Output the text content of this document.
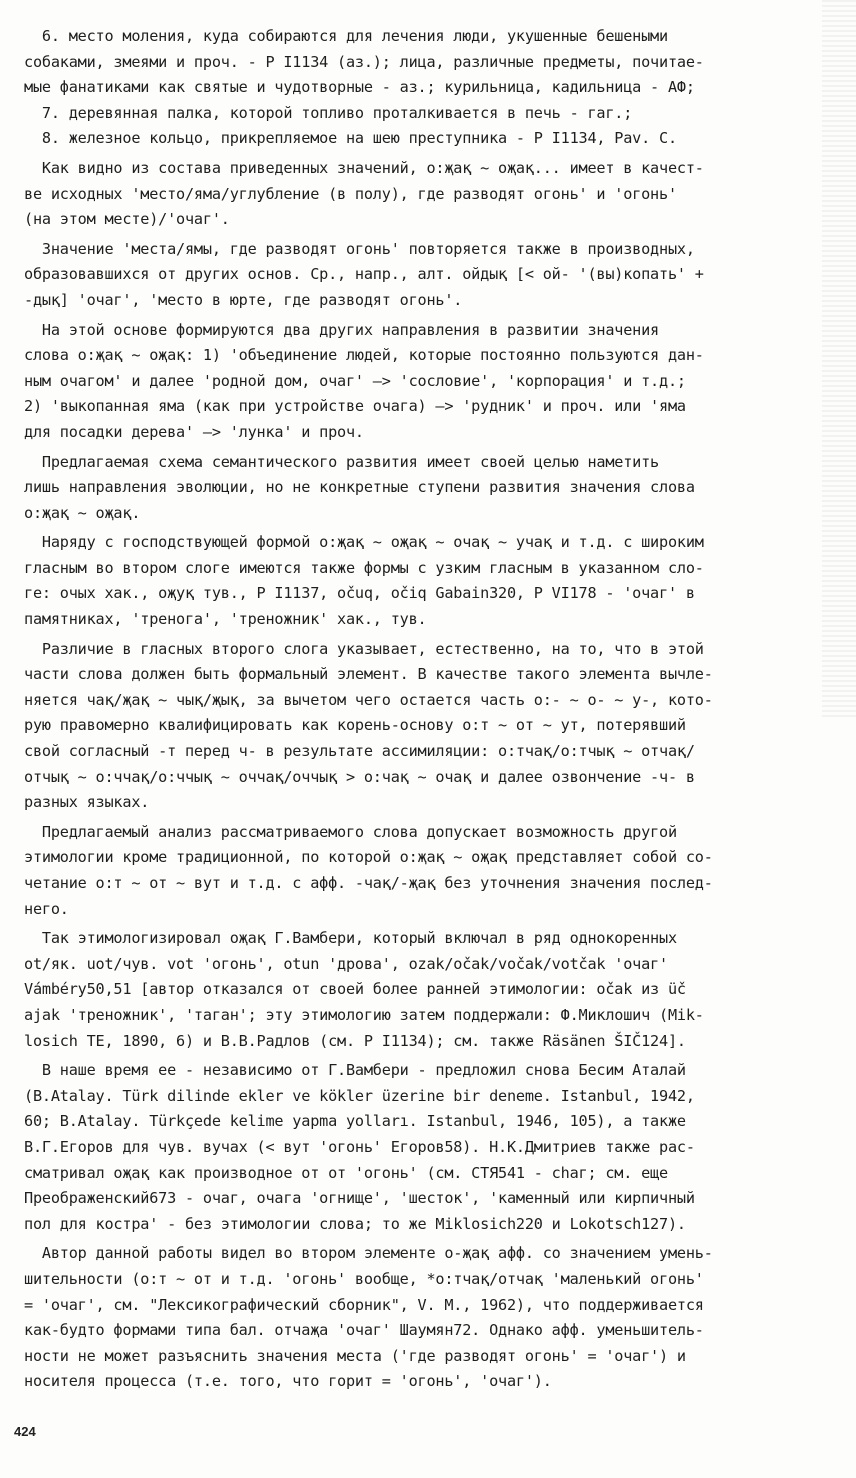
6. место моления, куда собираются для лечения люди, укушенные бешеными
собаками, змеями и проч. - Р I1134 (аз.); лица, различные предметы, почитае-
мые фанатиками как святые и чудотворные - аз.; курильница, кадильница - АФ;
7. деревянная палка, которой топливо проталкивается в печь - гаг.;
8. железное кольцо, прикрепляемое на шею преступника - Р I1134, Pav. C.
Как видно из состава приведенных значений, о:җақ ~ оҗақ... имеет в качест-
ве исходных 'место/яма/углубление (в полу), где разводят огонь' и 'огонь'
(на этом месте)/'очаг'.
Значение 'места/ямы, где разводят огонь' повторяется также в производных,
образовавшихся от других основ. Ср., напр., алт. ойдық [< ой- '(вы)копать' +
-дық] 'очаг', 'место в юрте, где разводят огонь'.
На этой основе формируются два других направления в развитии значения
слова о:җақ ~ оҗақ: 1) 'объединение людей, которые постоянно пользуются дан-
ным очагом' и далее 'родной дом, очаг' —> 'сословие', 'корпорация' и т.д.;
2) 'выкопанная яма (как при устройстве очага) —> 'рудник' и проч. или 'яма
для посадки дерева' —> 'лунка' и проч.
Предлагаемая схема семантического развития имеет своей целью наметить
лишь направления эволюции, но не конкретные ступени развития значения слова
о:җақ ~ оҗақ.
Наряду с господствующей формой о:җақ ~ оҗақ ~ очақ ~ учақ и т.д. с широким
гласным во втором слоге имеются также формы с узким гласным в указанном сло-
ге: очых хак., оҗуқ тув., Р I1137, očuq, očiq Gabain320, Р VI178 - 'очаг' в
памятниках, 'тренога', 'треножник' хак., тув.
Различие в гласных второго слога указывает, естественно, на то, что в этой
части слова должен быть формальный элемент. В качестве такого элемента вычле-
няется чақ/җақ ~ чық/җық, за вычетом чего остается часть о:- ~ о- ~ у-, кото-
рую правомерно квалифицировать как корень-основу о:т ~ от ~ ут, потерявший
свой согласный -т перед ч- в результате ассимиляции: о:тчақ/о:тчық ~ отчақ/
отчық ~ о:ччақ/о:ччық ~ оччақ/оччық > о:чақ ~ очақ и далее озвончение -ч- в
разных языках.
Предлагаемый анализ рассматриваемого слова допускает возможность другой
этимологии кроме традиционной, по которой о:җақ ~ оҗақ представляет собой со-
четание о:т ~ от ~ вут и т.д. с афф. -чақ/-җақ без уточнения значения послед-
него.
Так этимологизировал оҗақ Г.Вамбери, который включал в ряд однокоренных
ot/як. uot/чув. vot 'огонь', otun 'дрова', ozak/očak/vočak/votčak 'очаг'
Vámbéry50,51 [автор отказался от своей более ранней этимологии: očak из üč
ajak 'треножник', 'таган'; эту этимологию затем поддержали: Ф.Миклошич (Mik-
losich TE, 1890, 6) и В.В.Радлов (см. Р I1134); см. также Räsänen ŠIČ124].
В наше время ее - независимо от Г.Вамбери - предложил снова Бесим Аталай
(B.Atalay. Türk dilinde ekler ve kökler üzerine bir deneme. Istanbul, 1942,
60; B.Atalay. Türkçede kelime yapma yolları. Istanbul, 1946, 105), а также
В.Г.Егоров для чув. вучах (< вут 'огонь' Егоров58). Н.К.Дмитриев также рас-
сматривал оҗақ как производное от от 'огонь' (см. СТЯ541 - сһаг; см. еще
Преображенский673 - очаг, очага 'огнище', 'шесток', 'каменный или кирпичный
пол для костра' - без этимологии слова; то же Miklosich220 и Lokotsch127).
Автор данной работы видел во втором элементе о-җақ афф. со значением умень-
шительности (о:т ~ от и т.д. 'огонь' вообще, *о:тчақ/отчақ 'маленький огонь'
= 'очаг', см. "Лексикографический сборник", V. М., 1962), что поддерживается
как-будто формами типа бал. отчаҗа 'очаг' Шаумян72. Однако афф. уменьшитель-
ности не может разъяснить значения места ('где разводят огонь' = 'очаг') и
носителя процесса (т.е. того, что горит = 'огонь', 'очаг').
424
